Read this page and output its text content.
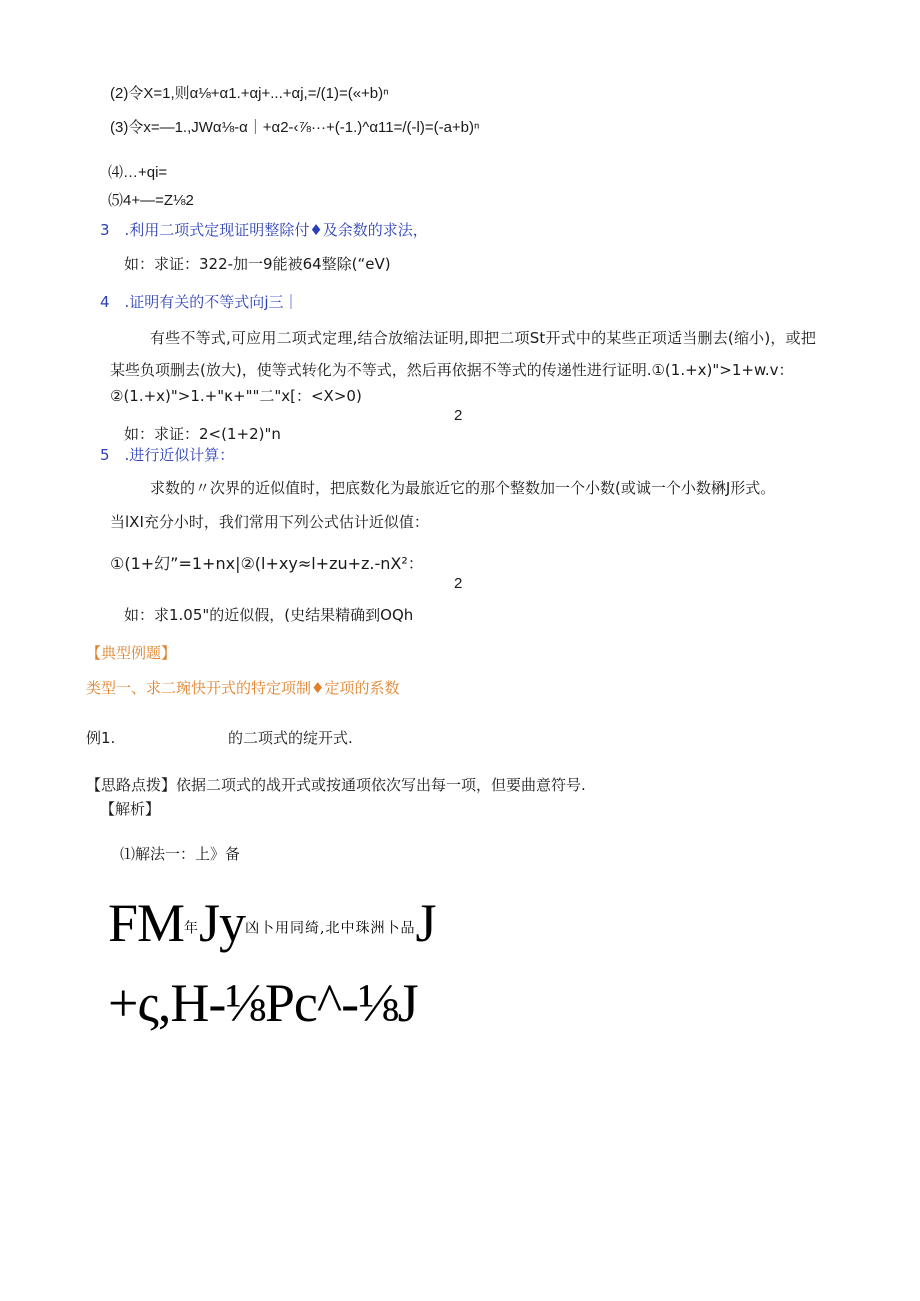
(2)令X=1,则α⅛+α1.+αj+...+αj,=/(1)=(«+b)ⁿ
(3)令x=—1.,JWα⅛-α｜+α2-‹⅞···+(-1.)^α11=/(-l)=(-a+b)ⁿ
⑷…+qi=
⑸4+—=Z⅛2
3　.利用二项式定现证明整除付♦及余数的求法，
如：求证：322-加一9能被64整除(“eV)
4　.证明有关的不等式向j三｜
有些不等式,可应用二项式定理,结合放缩法证明,即把二项St开式中的某些正项适当删去(缩小)，或把
某些负项删去(放大)，使等式转化为不等式，然后再依据不等式的传递性进行证明.①(1.+x)">1+w.v：
②(1.+x)">1.+"κ+""二"x[：<X>0)
2
如：求证：2<(1+2)"n
5　.进行近似计算：
求数的〃次界的近似值时，把底数化为最旅近它的那个整数加一个小数(或诚一个小数楙J形式。
当lXI充分小时，我们常用下列公式估计近似值：
①(1+幻”=1+nx|②(l+xy≈l+zu+z.-nX²：
2
如：求1.05"的近似假，(史结果精确到OQh
【典型例题】
类型一、求二琬快开式的特定项制♦定项的系数
例1.	的二项式的绽开式.
【思路点拨】依据二项式的战开式或按通项依次写出每一项，但要曲意符号.
【解析】
⑴解法一：上》备
FM年Jy凶卜用同绮,北中珠洲卜品J
+ς,H-⅛Pc^-⅛J
